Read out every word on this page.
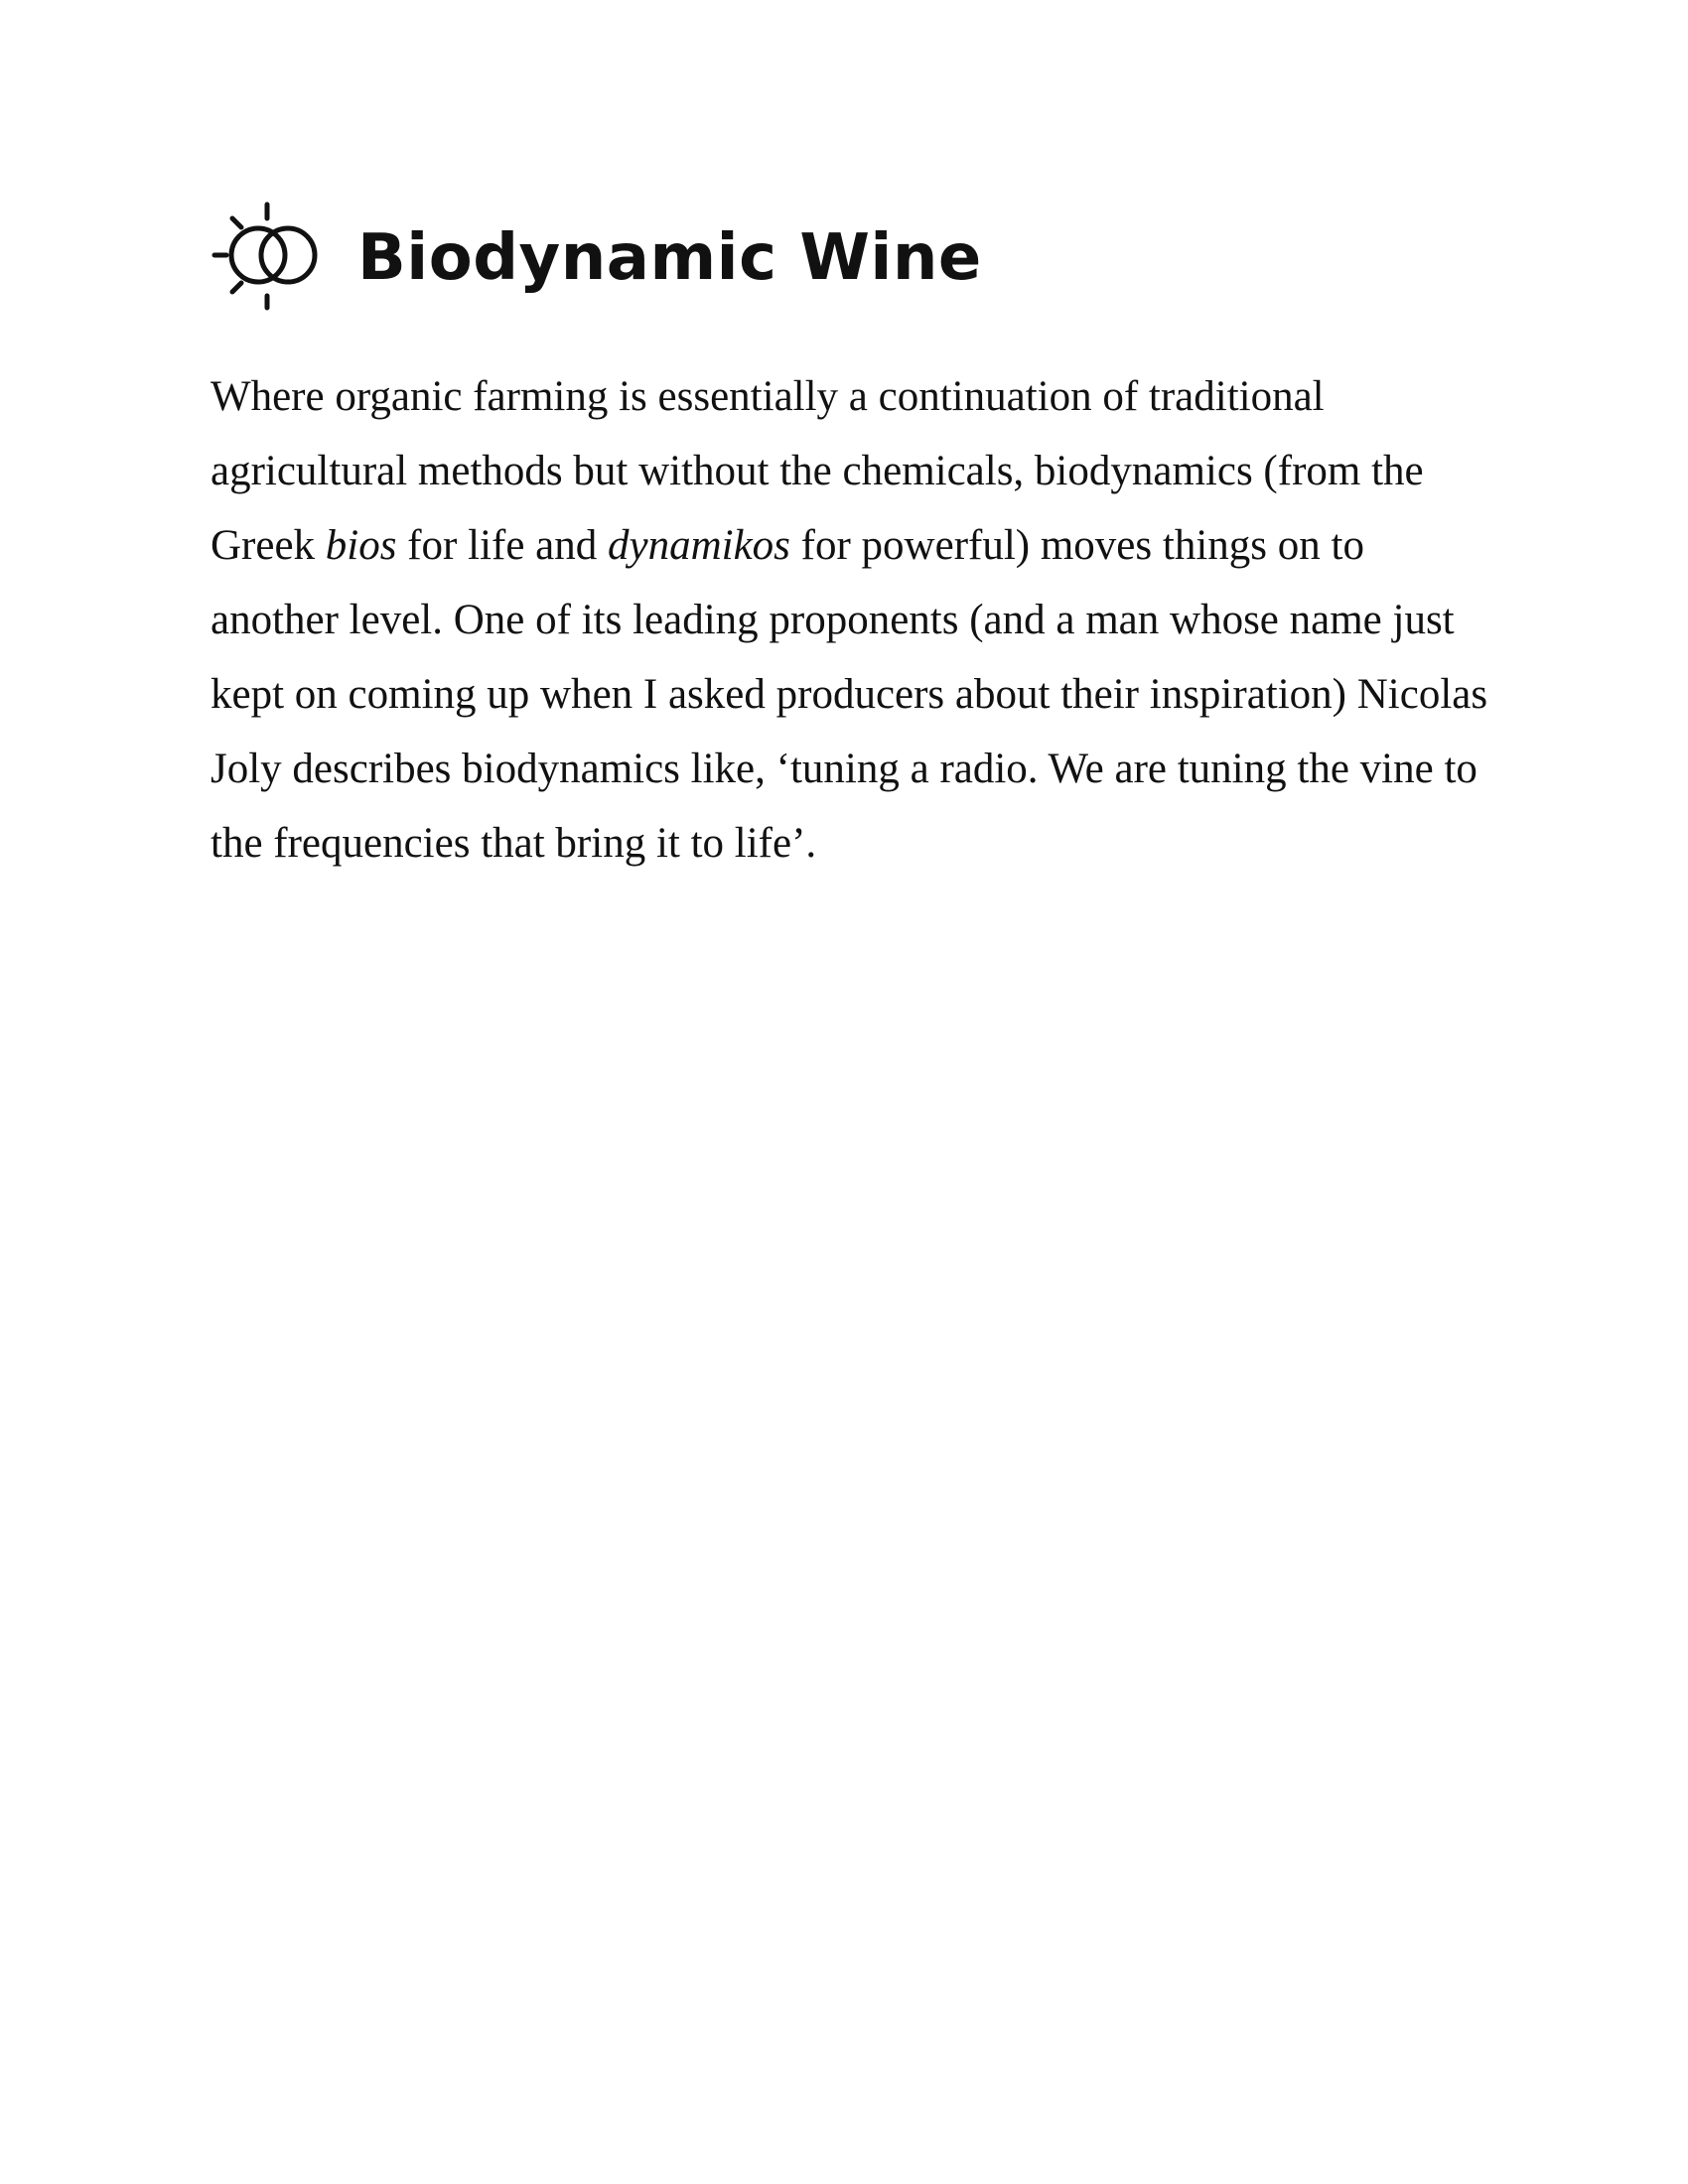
Biodynamic Wine

Where organic farming is essentially a continuation of traditional agricultural methods but without the chemicals, biodynamics (from the Greek bios for life and dynamikos for powerful) moves things on to another level. One of its leading proponents (and a man whose name just kept on coming up when I asked producers about their inspiration) Nicolas Joly describes biodynamics like, ‘tuning a radio. We are tuning the vine to the frequencies that bring it to life’.
